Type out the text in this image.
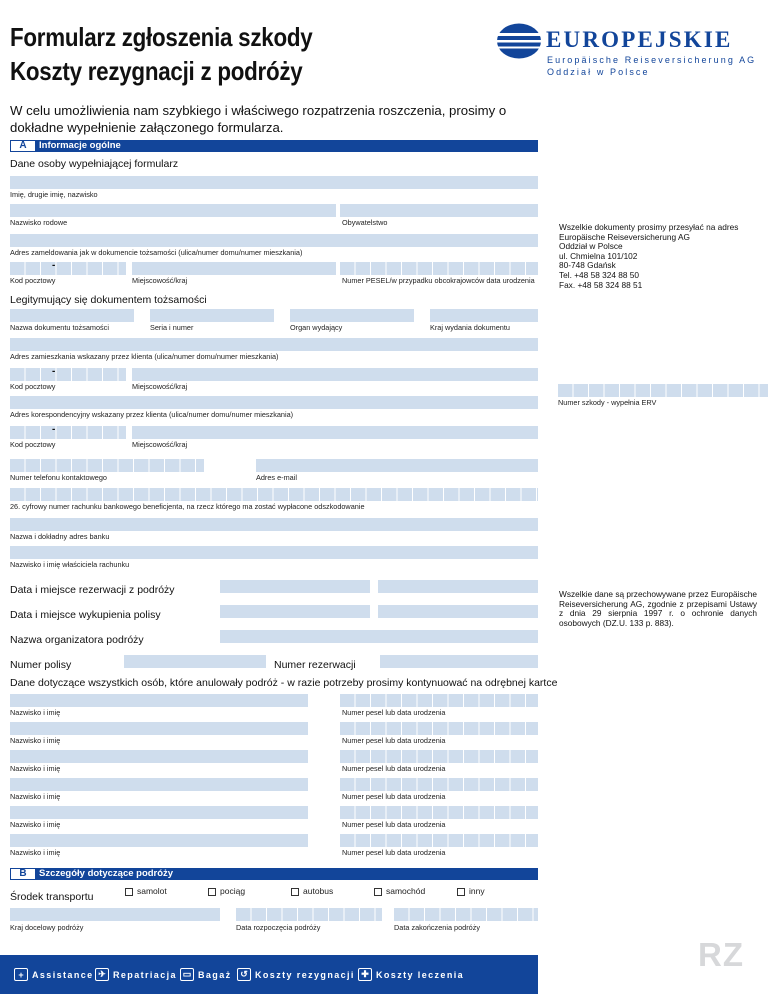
Formularz zgłoszenia szkody
Koszty rezygnacji z podróży
EUROPEJSKIE
Europäische Reiseversicherung AG
Oddział w Polsce
W celu umożliwienia nam szybkiego i właściwego rozpatrzenia roszczenia, prosimy o dokładne wypełnienie załączonego formularza.
A Informacje ogólne
Dane osoby wypełniającej formularz
Imię, drugie imię, nazwisko
Nazwisko rodowe	Obywatelstwo
Adres zameldowania jak w dokumencie tożsamości (ulica/numer domu/numer mieszkania)
-
Kod pocztowy	Miejscowość/kraj	Numer PESEL/w przypadku obcokrajowców data urodzenia
Legitymujący się dokumentem tożsamości
Nazwa dokumentu tożsamości	Seria i numer	Organ wydający	Kraj wydania dokumentu
Adres zamieszkania wskazany przez klienta (ulica/numer domu/numer mieszkania)
-
Kod pocztowy	Miejscowość/kraj
Adres korespondencyjny wskazany przez klienta (ulica/numer domu/numer mieszkania)
-
Kod pocztowy	Miejscowość/kraj
Numer telefonu kontaktowego	Adres e-mail
26. cyfrowy numer rachunku bankowego beneficjenta, na rzecz którego ma zostać wypłacone odszkodowanie
Nazwa i dokładny adres banku
Nazwisko i imię właściciela rachunku
Data i miejsce rezerwacji z podróży
Data i miejsce wykupienia polisy
Nazwa organizatora podróży
Numer polisy	Numer rezerwacji
Dane dotyczące wszystkich osób, które anulowały podróż - w razie potrzeby prosimy kontynuować na odrębnej kartce
Nazwisko i imię	Numer pesel lub data urodzenia
Nazwisko i imię	Numer pesel lub data urodzenia
Nazwisko i imię	Numer pesel lub data urodzenia
Nazwisko i imię	Numer pesel lub data urodzenia
Nazwisko i imię	Numer pesel lub data urodzenia
Nazwisko i imię	Numer pesel lub data urodzenia
Wszelkie dokumenty prosimy przesyłać na adres
Europäische Reiseversicherung AG
Oddział w Polsce
ul. Chmielna 101/102
80-748 Gdańsk
Tel. +48 58 324 88 50
Fax. +48 58 324 88 51
Numer szkody - wypełnia ERV
Wszelkie dane są przechowywane przez Europäische Reiseversicherung AG, zgodnie z przepisami Ustawy z dnia 29 sierpnia 1997 r. o ochronie danych osobowych (DZ.U. 133 p. 883).
B Szczegóły dotyczące podróży
Środek transportu	samolot	pociąg	autobus	samochód	inny
Kraj docelowy podróży	Data rozpoczęcia podróży	Data zakończenia podróży
+ Assistance ✈ Repatriacja ▭ Bagaż ↺ Koszty rezygnacji ✚ Koszty leczenia
RZ
